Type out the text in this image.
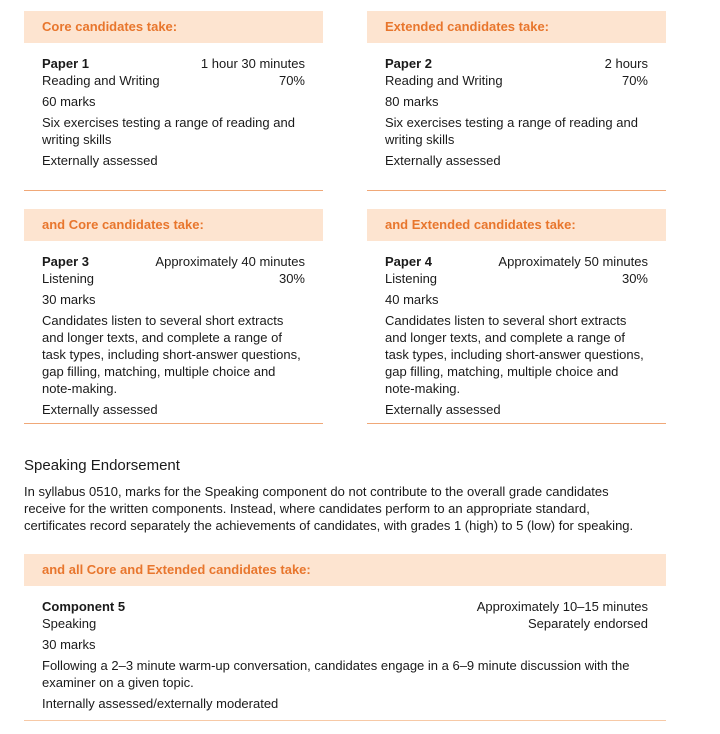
Core candidates take:
Paper 1	1 hour 30 minutes
Reading and Writing	70%
60 marks
Six exercises testing a range of reading and writing skills
Externally assessed
Extended candidates take:
Paper 2	2 hours
Reading and Writing	70%
80 marks
Six exercises testing a range of reading and writing skills
Externally assessed
and Core candidates take:
Paper 3	Approximately 40 minutes
Listening	30%
30 marks
Candidates listen to several short extracts and longer texts, and complete a range of task types, including short-answer questions, gap filling, matching, multiple choice and note-making.
Externally assessed
and Extended candidates take:
Paper 4	Approximately 50 minutes
Listening	30%
40 marks
Candidates listen to several short extracts and longer texts, and complete a range of task types, including short-answer questions, gap filling, matching, multiple choice and note-making.
Externally assessed
Speaking Endorsement
In syllabus 0510, marks for the Speaking component do not contribute to the overall grade candidates receive for the written components. Instead, where candidates perform to an appropriate standard, certificates record separately the achievements of candidates, with grades 1 (high) to 5 (low) for speaking.
and all Core and Extended candidates take:
Component 5	Approximately 10–15 minutes
Speaking	Separately endorsed
30 marks
Following a 2–3 minute warm-up conversation, candidates engage in a 6–9 minute discussion with the examiner on a given topic.
Internally assessed/externally moderated
